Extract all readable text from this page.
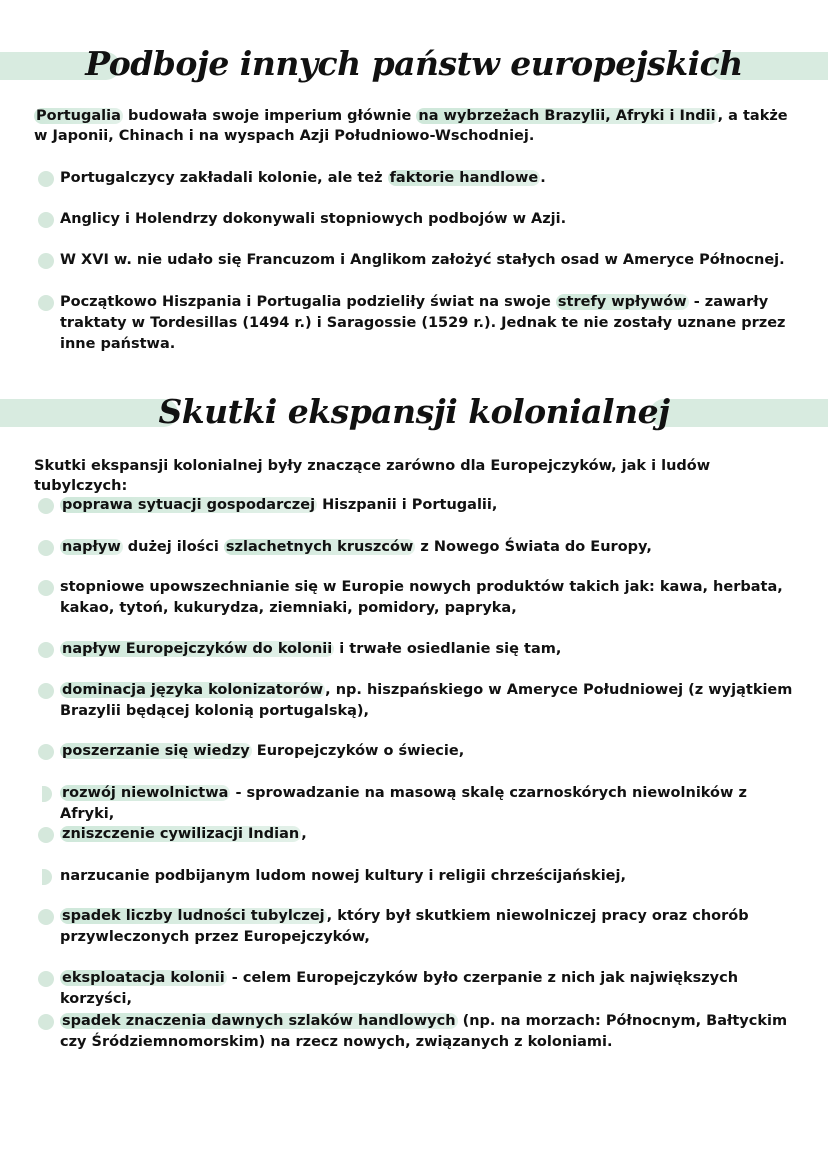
Podboje innych państw europejskich
Portugalia budowała swoje imperium głównie na wybrzeżach Brazylii, Afryki i Indii , a także w Japonii, Chinach i na wyspach Azji Południowo-Wschodniej.
Portugalczycy zakładali kolonie, ale też faktorie handlowe .
Anglicy i Holendrzy dokonywali stopniowych podbojów w Azji.
W XVI w. nie udało się Francuzom i Anglikom założyć stałych osad w Ameryce Północnej.
Początkowo Hiszpania i Portugalia podzieliły świat na swoje strefy wpływów - zawarły traktaty w Tordesillas (1494 r.) i Saragossie (1529 r.). Jednak te nie zostały uznane przez inne państwa.
Skutki ekspansji kolonialnej
Skutki ekspansji kolonialnej były znaczące zarówno dla Europejczyków, jak i ludów tubylczych:
poprawa sytuacji gospodarczej Hiszpanii i Portugalii,
napływ dużej ilości szlachetnych kruszców z Nowego Świata do Europy,
stopniowe upowszechnianie się w Europie nowych produktów takich jak: kawa, herbata, kakao, tytoń, kukurydza, ziemniaki, pomidory, papryka,
napływ Europejczyków do kolonii i trwałe osiedlanie się tam,
dominacja języka kolonizatorów , np. hiszpańskiego w Ameryce Południowej (z wyjątkiem Brazylii będącej kolonią portugalską),
poszerzanie się wiedzy Europejczyków o świecie,
rozwój niewolnictwa - sprowadzanie na masową skalę czarnoskórych niewolników z Afryki,
zniszczenie cywilizacji Indian ,
narzucanie podbijanym ludom nowej kultury i religii chrześcijańskiej,
spadek liczby ludności tubylczej , który był skutkiem niewolniczej pracy oraz chorób przywleczonych przez Europejczyków,
eksploatacja kolonii - celem Europejczyków było czerpanie z nich jak największych korzyści,
spadek znaczenia dawnych szlaków handlowych (np. na morzach: Północnym, Bałtyckim czy Śródziemnomorskim) na rzecz nowych, związanych z koloniami.
